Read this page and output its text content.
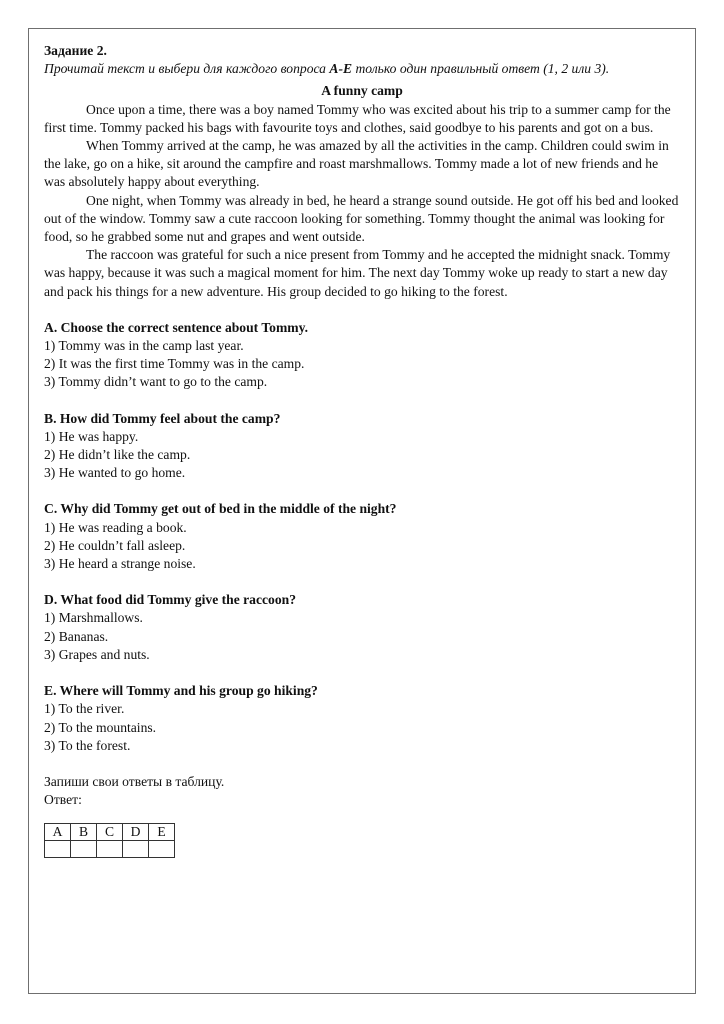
Задание 2.

Прочитай текст и выбери для каждого вопроса A-E только один правильный ответ (1, 2 или 3).

A funny camp

Once upon a time, there was a boy named Tommy who was excited about his trip to a summer camp for the first time. Tommy packed his bags with favourite toys and clothes, said goodbye to his parents and got on a bus.

When Tommy arrived at the camp, he was amazed by all the activities in the camp. Children could swim in the lake, go on a hike, sit around the campfire and roast marshmallows. Tommy made a lot of new friends and he was absolutely happy about everything.

One night, when Tommy was already in bed, he heard a strange sound outside. He got off his bed and looked out of the window. Tommy saw a cute raccoon looking for something. Tommy thought the animal was looking for food, so he grabbed some nut and grapes and went outside.

The raccoon was grateful for such a nice present from Tommy and he accepted the midnight snack. Tommy was happy, because it was such a magical moment for him. The next day Tommy woke up ready to start a new day and pack his things for a new adventure. His group decided to go hiking to the forest.

A. Choose the correct sentence about Tommy.

1) Tommy was in the camp last year.

2) It was the first time Tommy was in the camp.

3) Tommy didn’t want to go to the camp.

B. How did Tommy feel about the camp?

1) He was happy.

2) He didn’t like the camp.

3) He wanted to go home.

C. Why did Tommy get out of bed in the middle of the night?

1) He was reading a book.

2) He couldn’t fall asleep.

3) He heard a strange noise.

D. What food did Tommy give the raccoon?

1) Marshmallows.

2) Bananas.

3) Grapes and nuts.

E. Where will Tommy and his group go hiking?

1) To the river.

2) To the mountains.

3) To the forest.

Запиши свои ответы в таблицу.

Ответ:

A	B	C	D	E
